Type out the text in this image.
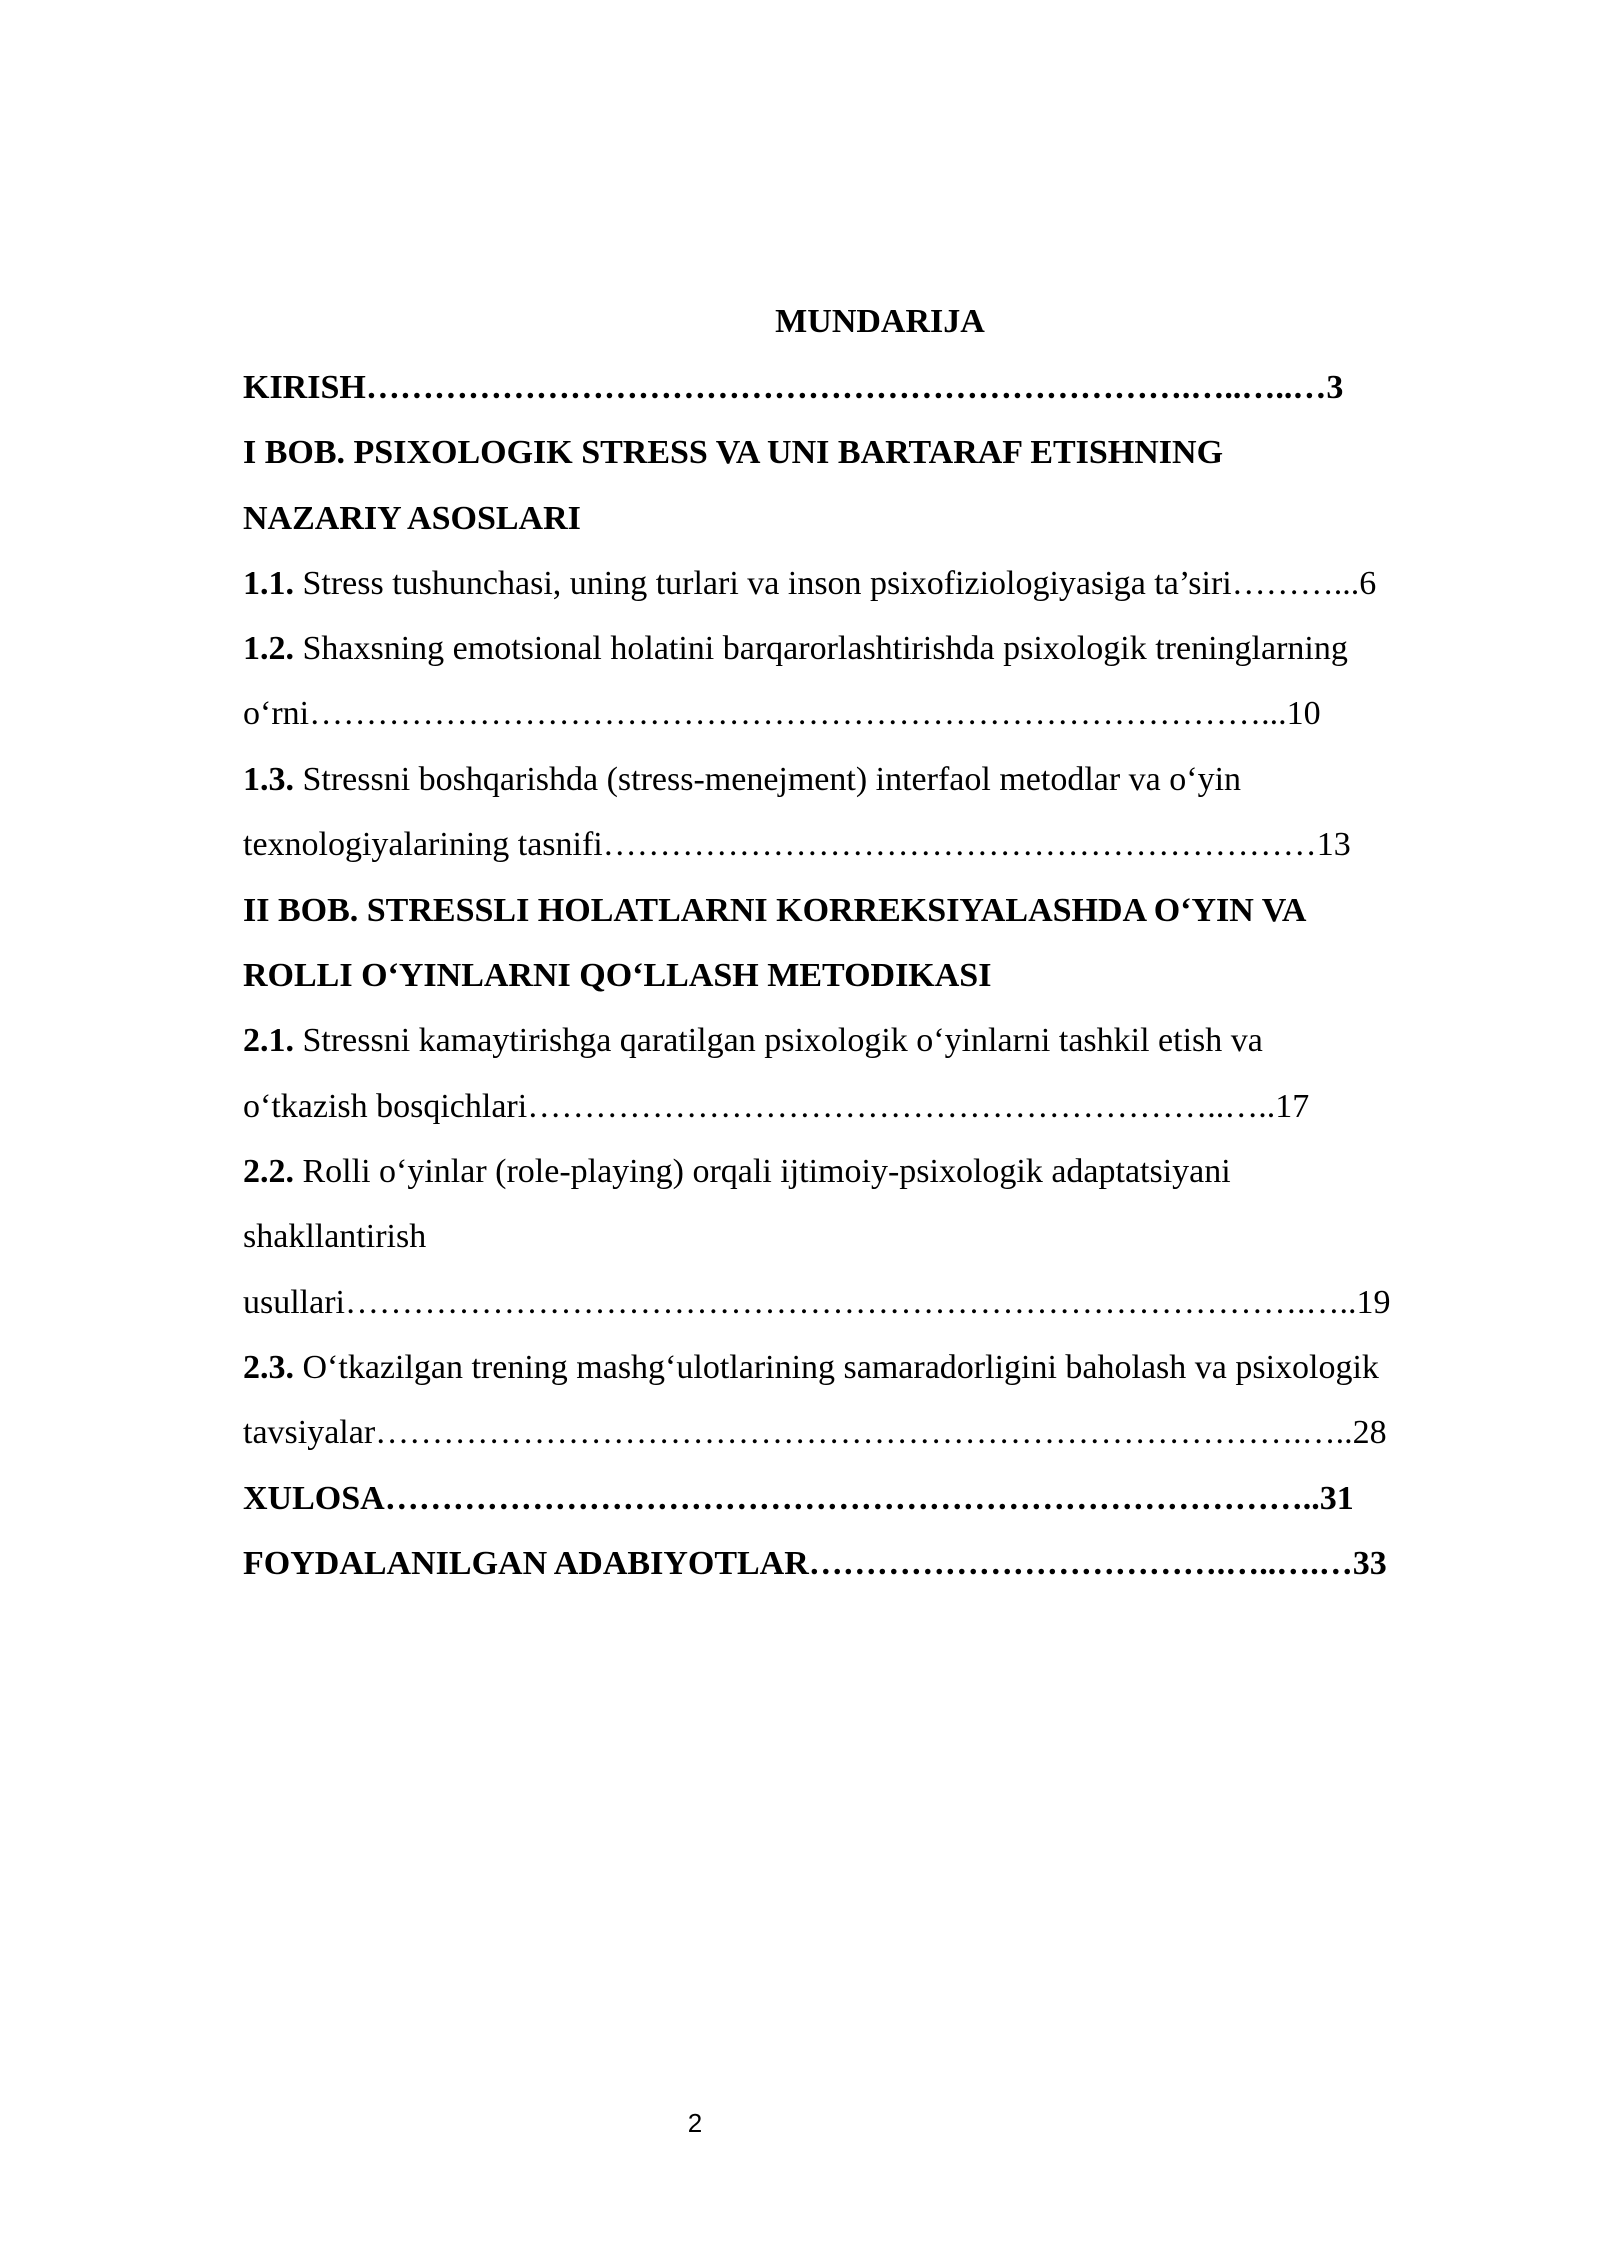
MUNDARIJA
KIRISH……………………………………………………………….…..…..…3
I BOB. PSIXOLOGIK STRESS VA UNI BARTARAF ETISHNING
NAZARIY ASOSLARI
1.1. Stress tushunchasi, uning turlari va inson psixofiziologiyasiga ta’siri………...6
1.2. Shaxsning emotsional holatini barqarorlashtirishda psixologik treninglarning
o‘rni…………………………………………………………………………...10
1.3. Stressni boshqarishda (stress-menejment) interfaol metodlar va o‘yin
texnologiyalarining tasnifi………………………………………………………13
II BOB. STRESSLI HOLATLARNI KORREKSIYALASHDA O‘YIN VA
ROLLI O‘YINLARNI QO‘LLASH METODIKASI
2.1. Stressni kamaytirishga qaratilgan psixologik o‘yinlarni tashkil etish va
o‘tkazish bosqichlari……………………………………………………..…..17
2.2. Rolli o‘yinlar (role-playing) orqali ijtimoiy-psixologik adaptatsiyani
shakllantirish
usullari………………………………………………………………………….…..19
2.3. O‘tkazilgan trening mashg‘ulotlarining samaradorligini baholash va psixologik
tavsiyalar……………………………………………………………………….…..28
XULOSA………………………………………………………………………..31
FOYDALANILGAN ADABIYOTLAR……………………………….…..….…33
2
